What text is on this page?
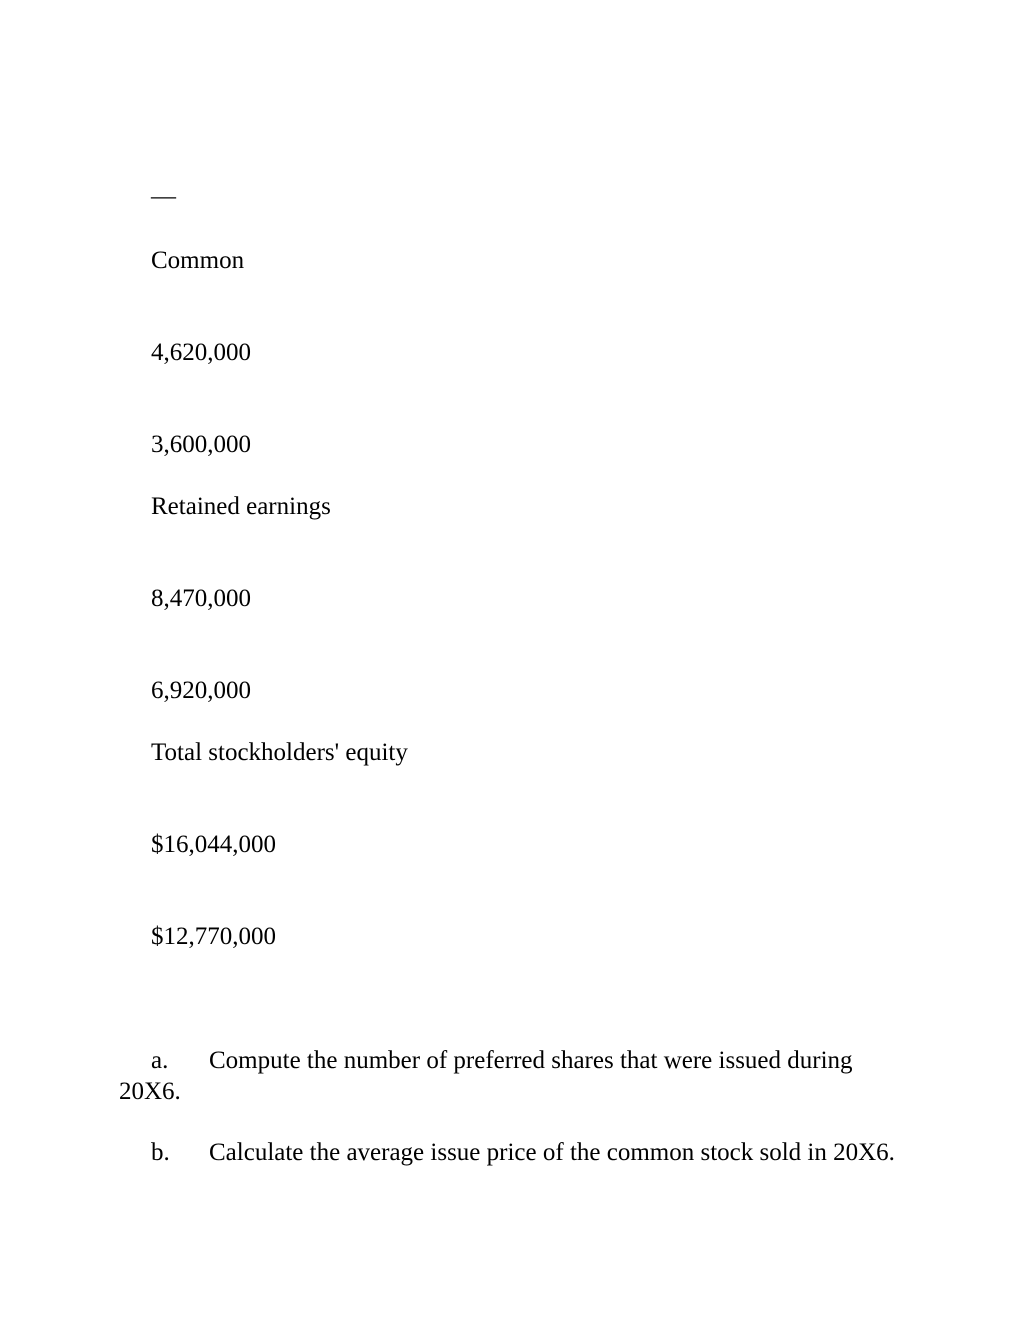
—
Common
4,620,000
3,600,000
Retained earnings
8,470,000
6,920,000
Total stockholders' equity
$16,044,000
$12,770,000
a. Compute the number of preferred shares that were issued during 20X6.
b. Calculate the average issue price of the common stock sold in 20X6.
